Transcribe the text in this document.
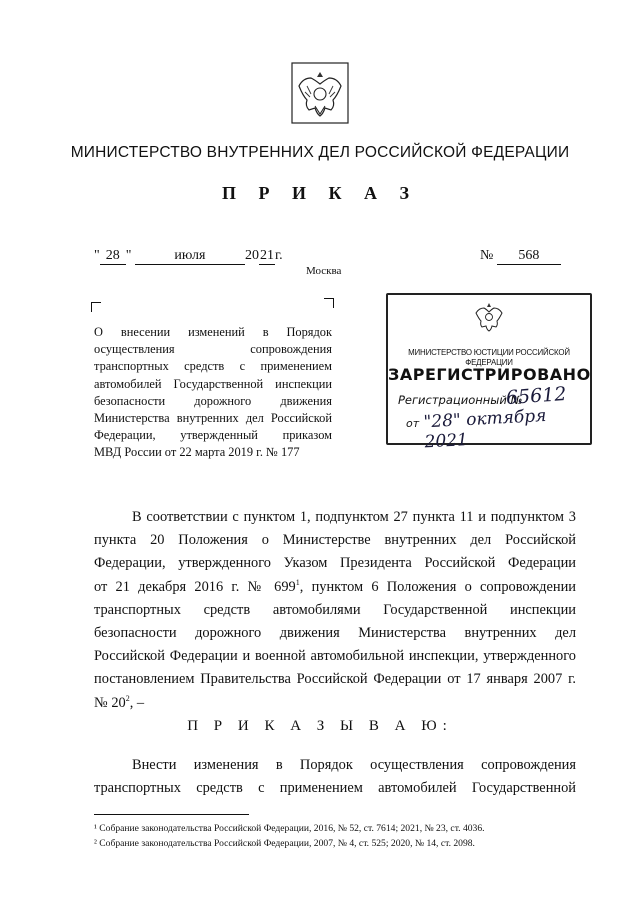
МИНИСТЕРСТВО ВНУТРЕННИХ ДЕЛ РОССИЙСКОЙ ФЕДЕРАЦИИ
П Р И К А З
" 28 "	июля	2021г.
Москва
№ 568
О внесении изменений в Порядок
осуществления сопровождения
транспортных средств с применением
автомобилей Государственной инспекции
безопасности дорожного движения
Министерства внутренних дел Российской
Федерации, утвержденный приказом
МВД России от 22 марта 2019 г. № 177
МИНИСТЕРСТВО ЮСТИЦИИ РОССИЙСКОЙ ФЕДЕРАЦИИ
ЗАРЕГИСТРИРОВАНО
Регистрационный №
65612
от "28" октября 2021
В соответствии с пунктом 1, подпунктом 27 пункта 11 и подпунктом 3
пункта 20 Положения о Министерстве внутренних дел Российской
Федерации, утвержденного Указом Президента Российской Федерации
от 21 декабря 2016 г. № $699^1$, пунктом 6 Положения о сопровождении
транспортных средств автомобилями Государственной инспекции
безопасности дорожного движения Министерства внутренних дел
Российской Федерации и военной автомобильной инспекции, утвержденного
постановлением Правительства Российской Федерации от 17 января 2007 г.
№ $20^2$, –
П Р И К А З Ы В А Ю:
Внести изменения в Порядок осуществления сопровождения
транспортных средств с применением автомобилей Государственной
¹ Собрание законодательства Российской Федерации, 2016, № 52, ст. 7614; 2021, № 23, ст. 4036.
² Собрание законодательства Российской Федерации, 2007, № 4, ст. 525; 2020, № 14, ст. 2098.
